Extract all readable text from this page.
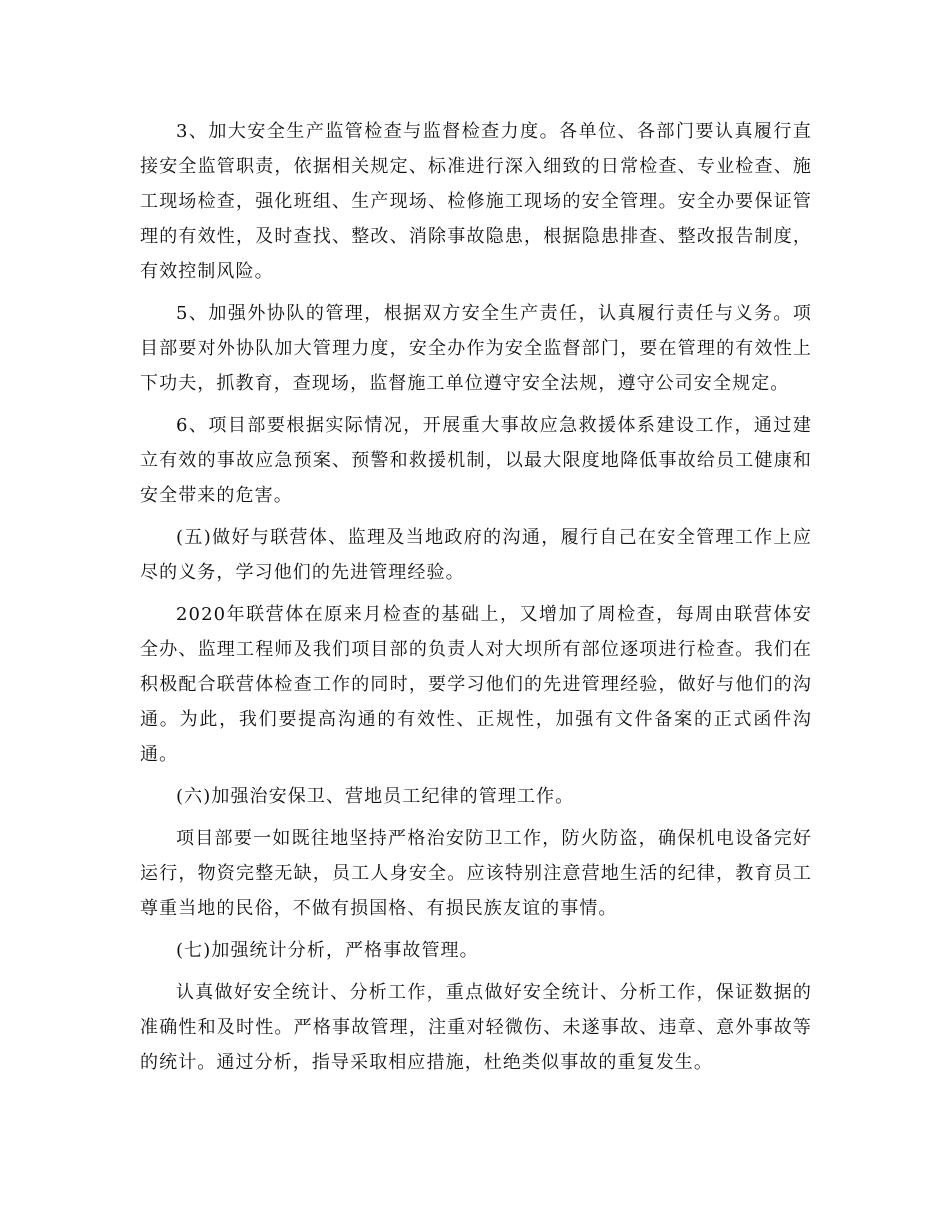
3、加大安全生产监管检查与监督检查力度。各单位、各部门要认真履行直接安全监管职责，依据相关规定、标准进行深入细致的日常检查、专业检查、施工现场检查，强化班组、生产现场、检修施工现场的安全管理。安全办要保证管理的有效性，及时查找、整改、消除事故隐患，根据隐患排查、整改报告制度，有效控制风险。

5、加强外协队的管理，根据双方安全生产责任，认真履行责任与义务。项目部要对外协队加大管理力度，安全办作为安全监督部门，要在管理的有效性上下功夫，抓教育，查现场，监督施工单位遵守安全法规，遵守公司安全规定。

6、项目部要根据实际情况，开展重大事故应急救援体系建设工作，通过建立有效的事故应急预案、预警和救援机制，以最大限度地降低事故给员工健康和安全带来的危害。

(五)做好与联营体、监理及当地政府的沟通，履行自己在安全管理工作上应尽的义务，学习他们的先进管理经验。

2020年联营体在原来月检查的基础上，又增加了周检查，每周由联营体安全办、监理工程师及我们项目部的负责人对大坝所有部位逐项进行检查。我们在积极配合联营体检查工作的同时，要学习他们的先进管理经验，做好与他们的沟通。为此，我们要提高沟通的有效性、正规性，加强有文件备案的正式函件沟通。

(六)加强治安保卫、营地员工纪律的管理工作。

项目部要一如既往地坚持严格治安防卫工作，防火防盗，确保机电设备完好运行，物资完整无缺，员工人身安全。应该特别注意营地生活的纪律，教育员工尊重当地的民俗，不做有损国格、有损民族友谊的事情。

(七)加强统计分析，严格事故管理。

认真做好安全统计、分析工作，重点做好安全统计、分析工作，保证数据的准确性和及时性。严格事故管理，注重对轻微伤、未遂事故、违章、意外事故等的统计。通过分析，指导采取相应措施，杜绝类似事故的重复发生。
